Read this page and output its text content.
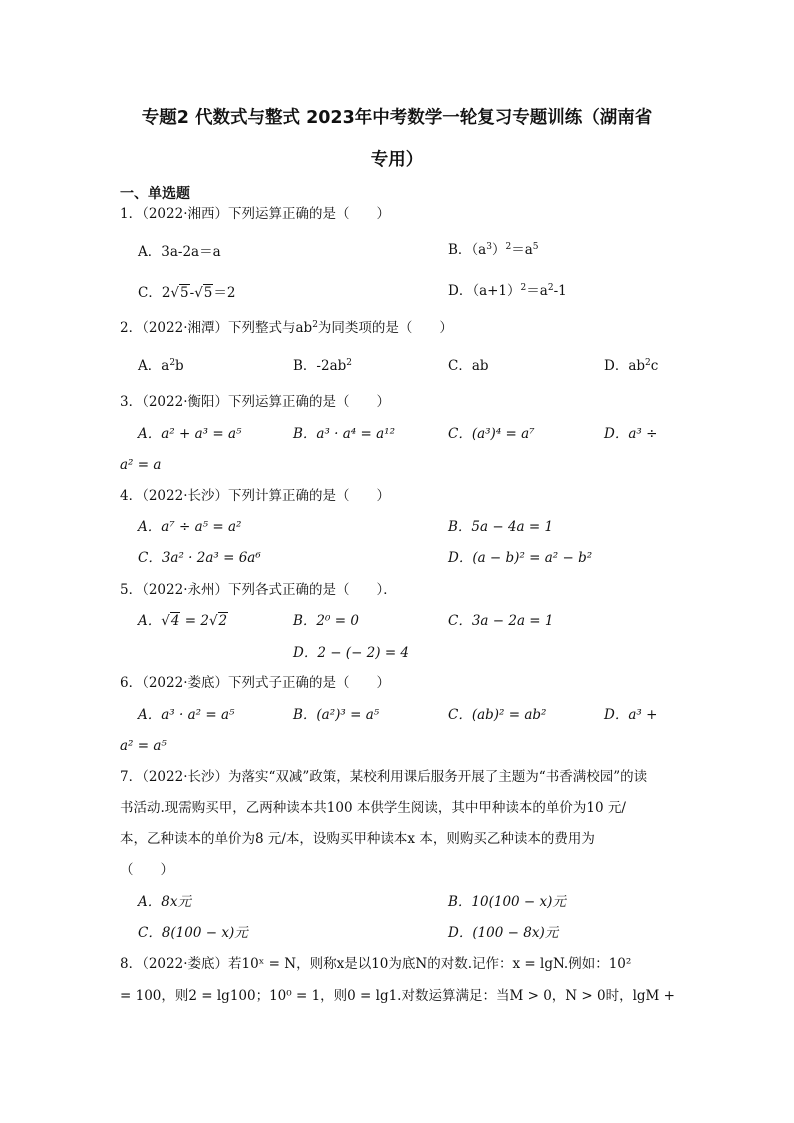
专题2 代数式与整式 2023年中考数学一轮复习专题训练（湖南省
专用）
一、单选题
1．（2022·湘西）下列运算正确的是（　　）
A．3a-2a＝a	B．$(a^3)^2=a^5$
C．2√5-√5＝2	D．$(a+1)^2=a^2-1$
2．（2022·湘潭）下列整式与$ab^2$为同类项的是（　　）
A．$a^2b$	B．$-2ab^2$	C．ab	D．$ab^2c$
3．（2022·衡阳）下列运算正确的是（　　）
A．a² + a³ = a⁵	B．a³ · a⁴ = a¹²	C．(a³)⁴ = a⁷	D．a³ ÷
a² = a
4．（2022·长沙）下列计算正确的是（　　）
A．a⁷ ÷ a⁵ = a²	B．5a − 4a = 1
C．3a² · 2a³ = 6a⁶	D．(a − b)² = a² − b²
5．（2022·永州）下列各式正确的是（　　）．
A．√4 = 2√2	B．2⁰ = 0	C．3a − 2a = 1
D．2 − (− 2) = 4
6．（2022·娄底）下列式子正确的是（　　）
A．a³ · a² = a⁵	B．(a²)³ = a⁵	C．(ab)² = ab²	D．a³ +
a² = a⁵
7．（2022·长沙）为落实“双减”政策，某校利用课后服务开展了主题为“书香满校园”的读
书活动.现需购买甲，乙两种读本共100 本供学生阅读，其中甲种读本的单价为10 元/
本，乙种读本的单价为8 元/本，设购买甲种读本x 本，则购买乙种读本的费用为
（　　）
A．8x元	B．10(100 − x)元
C．8(100 − x)元	D．(100 − 8x)元
8．（2022·娄底）若10ˣ = N，则称x是以10为底N的对数.记作：x = lgN.例如：10²
= 100，则2 = lg100；10⁰ = 1，则0 = lg1.对数运算满足：当M > 0，N > 0时，lgM +
